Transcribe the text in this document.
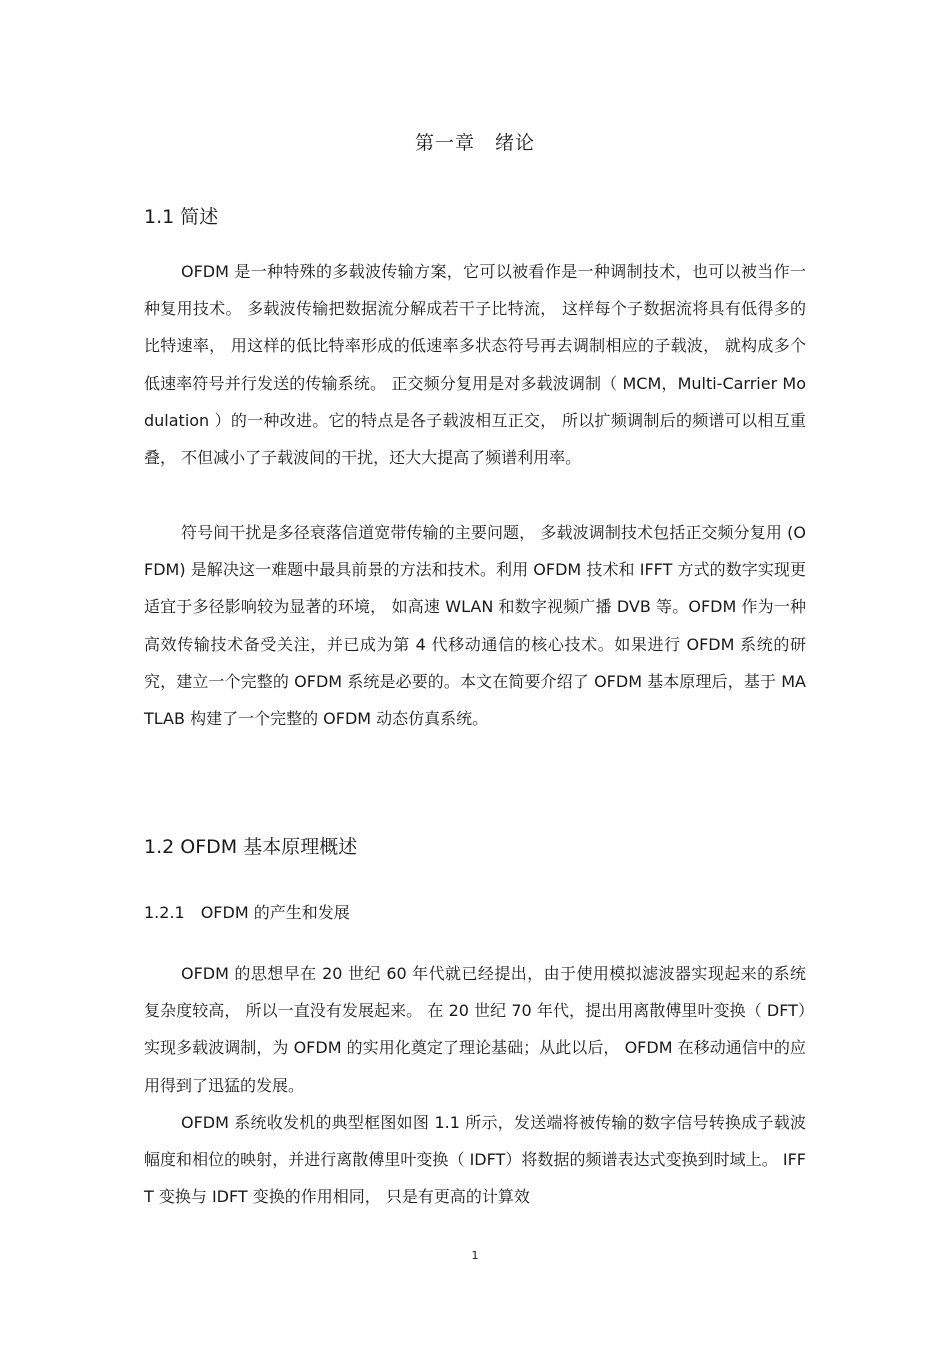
第一章　绪论
1.1 简述

OFDM 是一种特殊的多载波传输方案，它可以被看作是一种调制技术，也可以被当作一种复用技术。 多载波传输把数据流分解成若干子比特流， 这样每个子数据流将具有低得多的比特速率， 用这样的低比特率形成的低速率多状态符号再去调制相应的子载波， 就构成多个低速率符号并行发送的传输系统。 正交频分复用是对多载波调制（ MCM，Multi-Carrier Modulation ）的一种改进。它的特点是各子载波相互正交， 所以扩频调制后的频谱可以相互重叠， 不但减小了子载波间的干扰，还大大提高了频谱利用率。

符号间干扰是多径衰落信道宽带传输的主要问题， 多载波调制技术包括正交频分复用 (OFDM) 是解决这一难题中最具前景的方法和技术。利用 OFDM 技术和 IFFT 方式的数字实现更适宜于多径影响较为显著的环境， 如高速 WLAN 和数字视频广播 DVB 等。OFDM 作为一种高效传输技术备受关注，并已成为第 4 代移动通信的核心技术。如果进行 OFDM 系统的研究，建立一个完整的 OFDM 系统是必要的。本文在简要介绍了 OFDM 基本原理后，基于 MATLAB 构建了一个完整的 OFDM 动态仿真系统。

1.2 OFDM 基本原理概述
1.2.1　OFDM 的产生和发展

OFDM 的思想早在 20 世纪 60 年代就已经提出，由于使用模拟滤波器实现起来的系统复杂度较高， 所以一直没有发展起来。 在 20 世纪 70 年代，提出用离散傅里叶变换（ DFT）实现多载波调制，为 OFDM 的实用化奠定了理论基础；从此以后， OFDM 在移动通信中的应用得到了迅猛的发展。

OFDM 系统收发机的典型框图如图 1.1 所示，发送端将被传输的数字信号转换成子载波幅度和相位的映射，并进行离散傅里叶变换（ IDFT）将数据的频谱表达式变换到时域上。 IFFT 变换与 IDFT 变换的作用相同， 只是有更高的计算效

1
